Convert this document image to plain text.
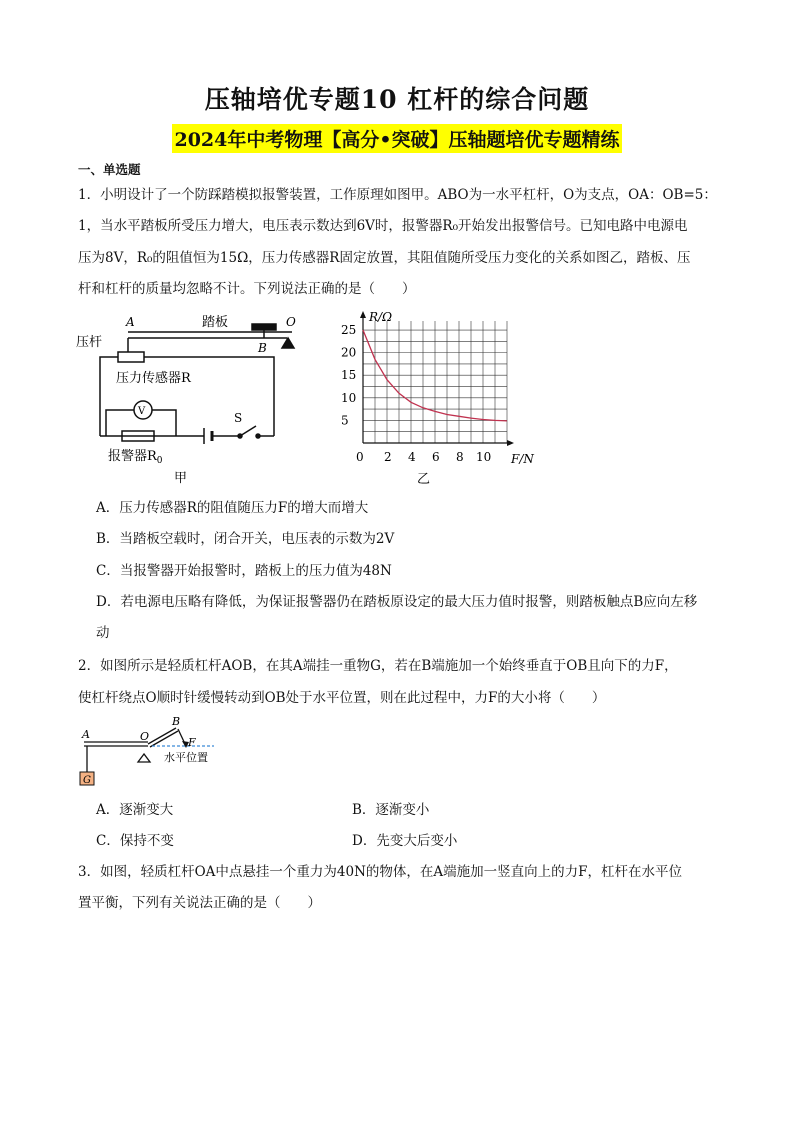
压轴培优专题10 杠杆的综合问题
2024年中考物理【高分•突破】压轴题培优专题精练
一、单选题
1．小明设计了一个防踩踏模拟报警装置，工作原理如图甲。ABO为一水平杠杆，O为支点，OA：OB=5：
1，当水平踏板所受压力增大，电压表示数达到6V时，报警器R₀开始发出报警信号。已知电路中电源电
压为8V，R₀的阻值恒为15Ω，压力传感器R固定放置，其阻值随所受压力变化的关系如图乙，踏板、压
杆和杠杆的质量均忽略不计。下列说法正确的是（　　）
A	O
B
踏板
压杆
压力传感器R
V	S
报警器$R_0$
甲
25
20
15
10
5
0 2 4 6 8 10
R/Ω
F/N
乙
A．压力传感器R的阻值随压力F的增大而增大
B．当踏板空载时，闭合开关，电压表的示数为2V
C．当报警器开始报警时，踏板上的压力值为48N
D．若电源电压略有降低，为保证报警器仍在踏板原设定的最大压力值时报警，则踏板触点B应向左移
动
2．如图所示是轻质杠杆AOB，在其A端挂一重物G，若在B端施加一个始终垂直于OB且向下的力F，
使杠杆绕点O顺时针缓慢转动到OB处于水平位置，则在此过程中，力F的大小将（　　）
G
A	O
B
F
水平位置
A．逐渐变大	B．逐渐变小
C．保持不变	D．先变大后变小
3．如图，轻质杠杆OA中点悬挂一个重力为40N的物体，在A端施加一竖直向上的力F，杠杆在水平位
置平衡，下列有关说法正确的是（　　）
